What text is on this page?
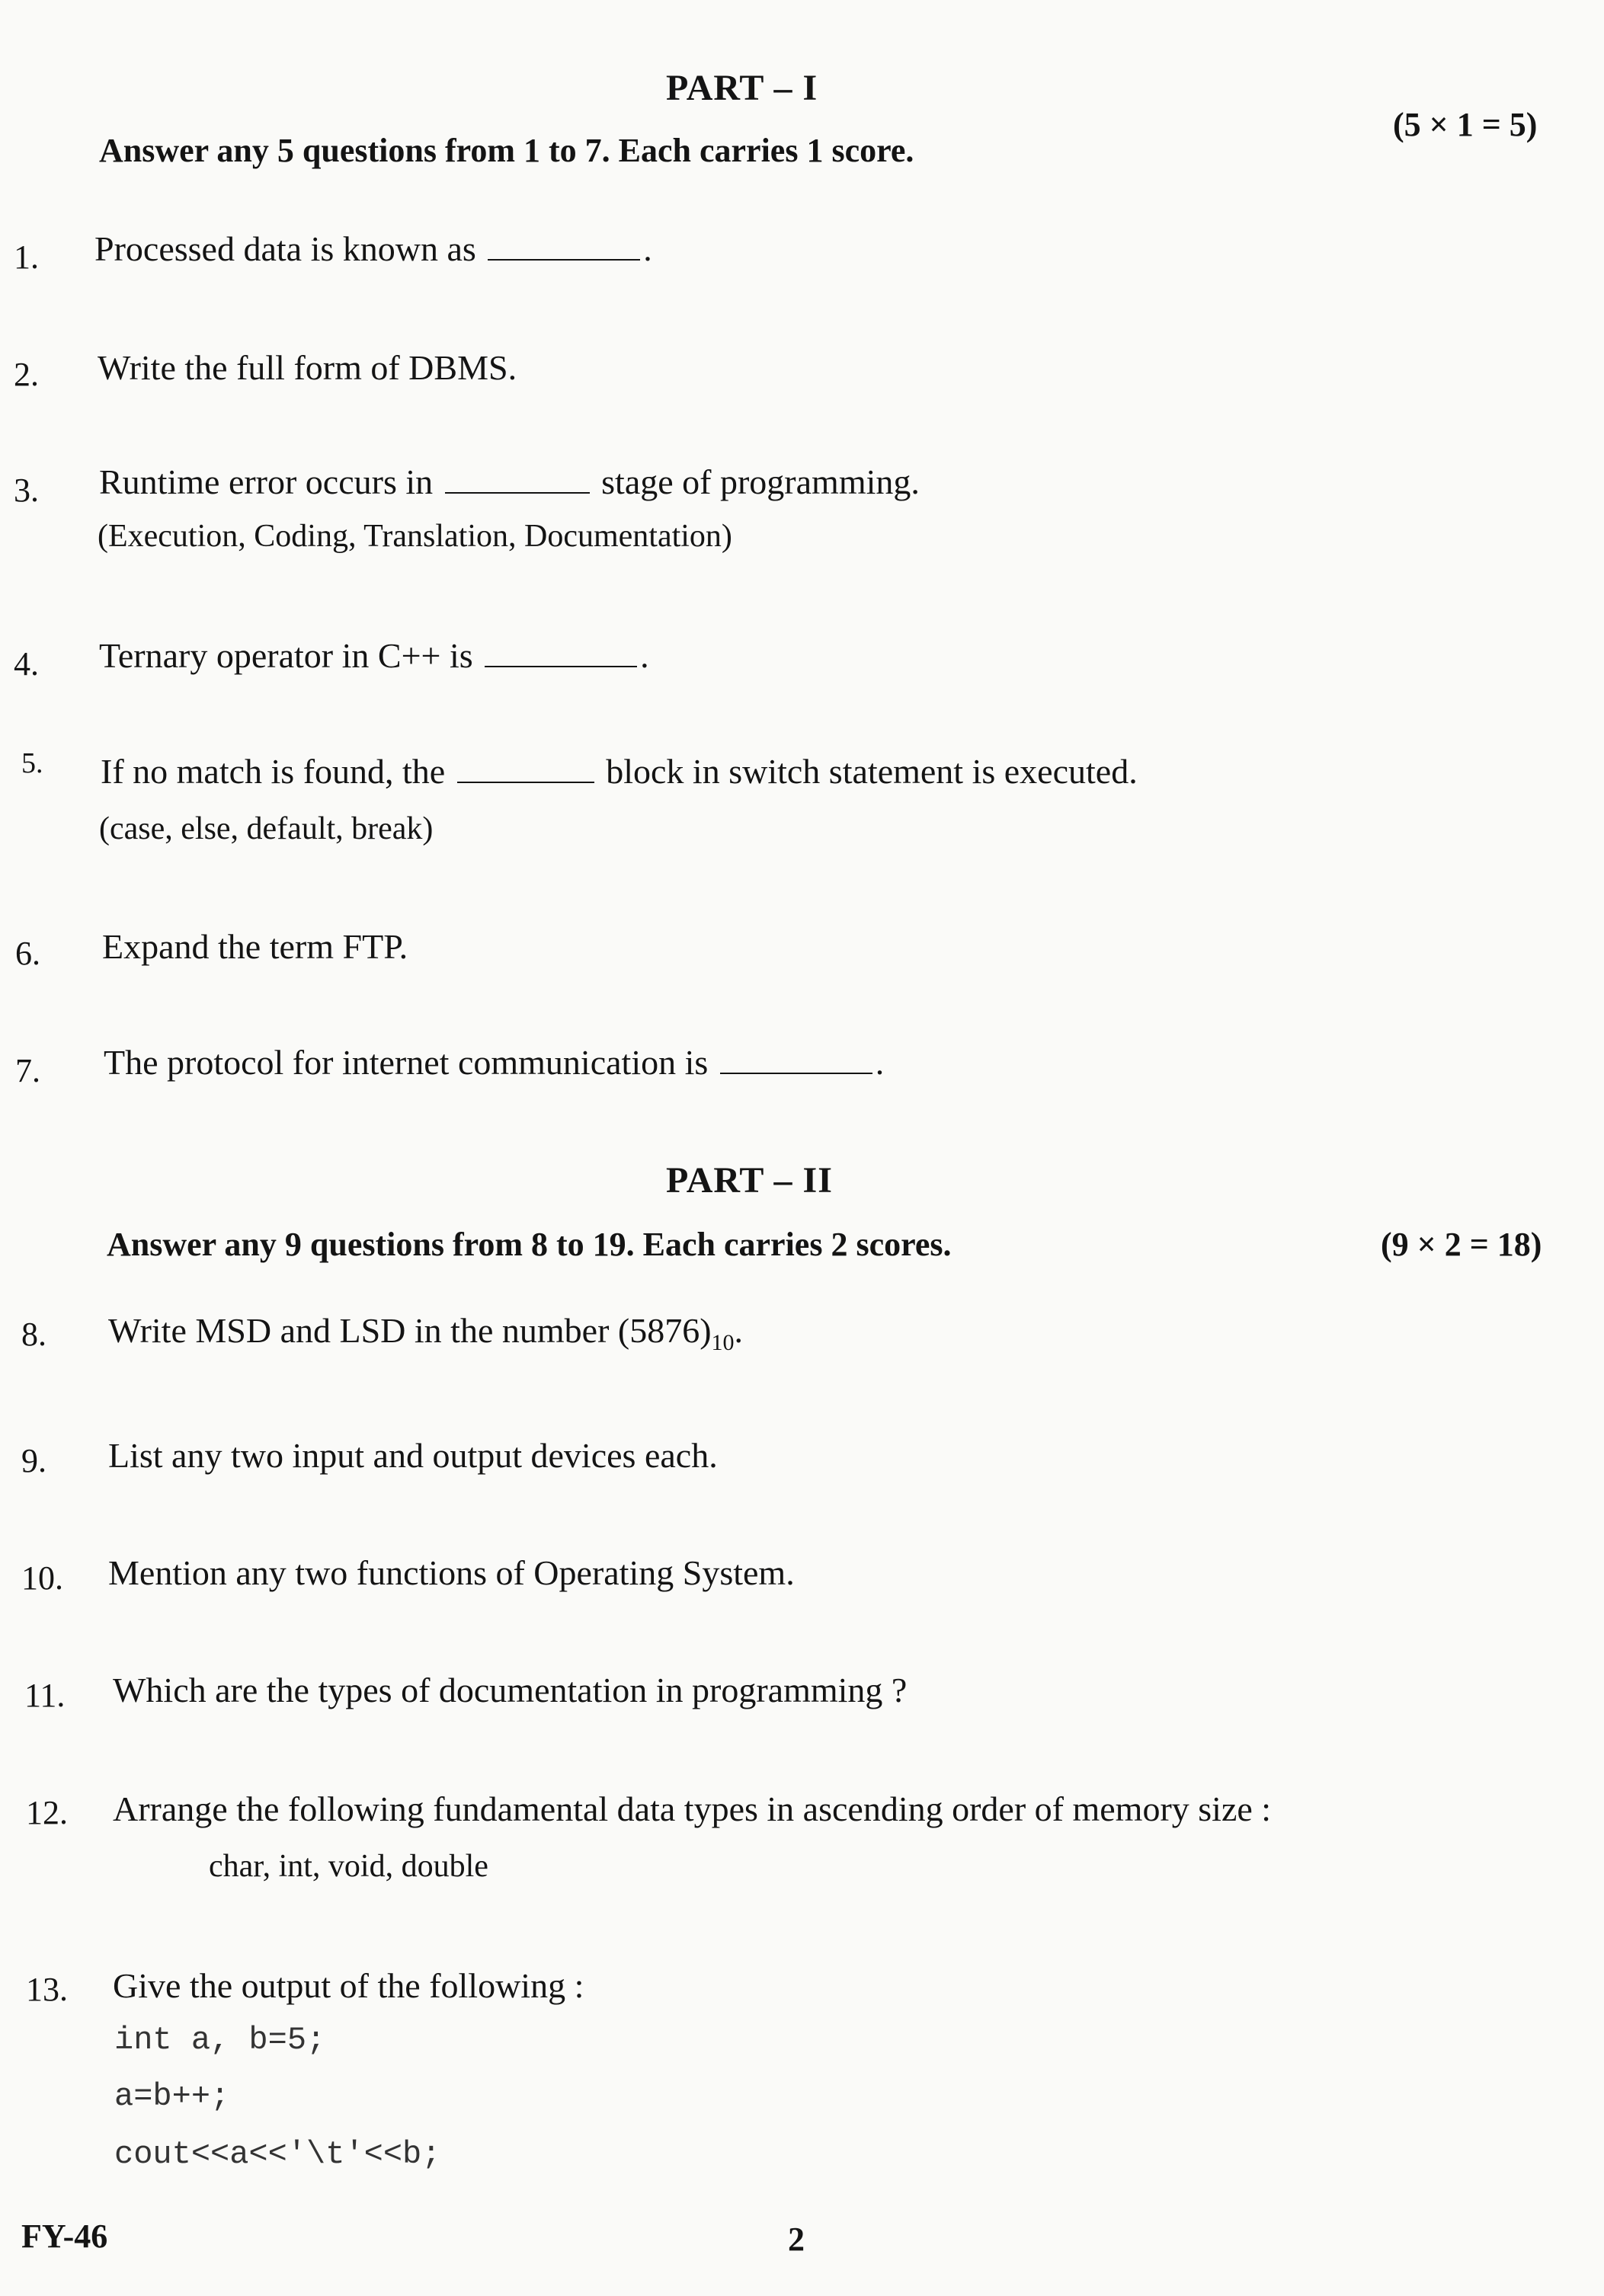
PART – I
Answer any 5 questions from 1 to 7. Each carries 1 score.
(5 × 1 = 5)
1. Processed data is known as	.
2. Write the full form of DBMS.
3. Runtime error occurs in	stage of programming.
(Execution, Coding, Translation, Documentation)
4. Ternary operator in C++ is	.
5. If no match is found, the	block in switch statement is executed.
(case, else, default, break)
6. Expand the term FTP.
7. The protocol for internet communication is	.
PART – II
Answer any 9 questions from 8 to 19. Each carries 2 scores.	(9 × 2 = 18)
8. Write MSD and LSD in the number $(5876)_{10}$.
9. List any two input and output devices each.
10. Mention any two functions of Operating System.
11. Which are the types of documentation in programming ?
12. Arrange the following fundamental data types in ascending order of memory size :
char, int, void, double
13. Give the output of the following :
int a, b=5;
a=b++;
cout<<a<<'\t'<<b;
FY-46	2
